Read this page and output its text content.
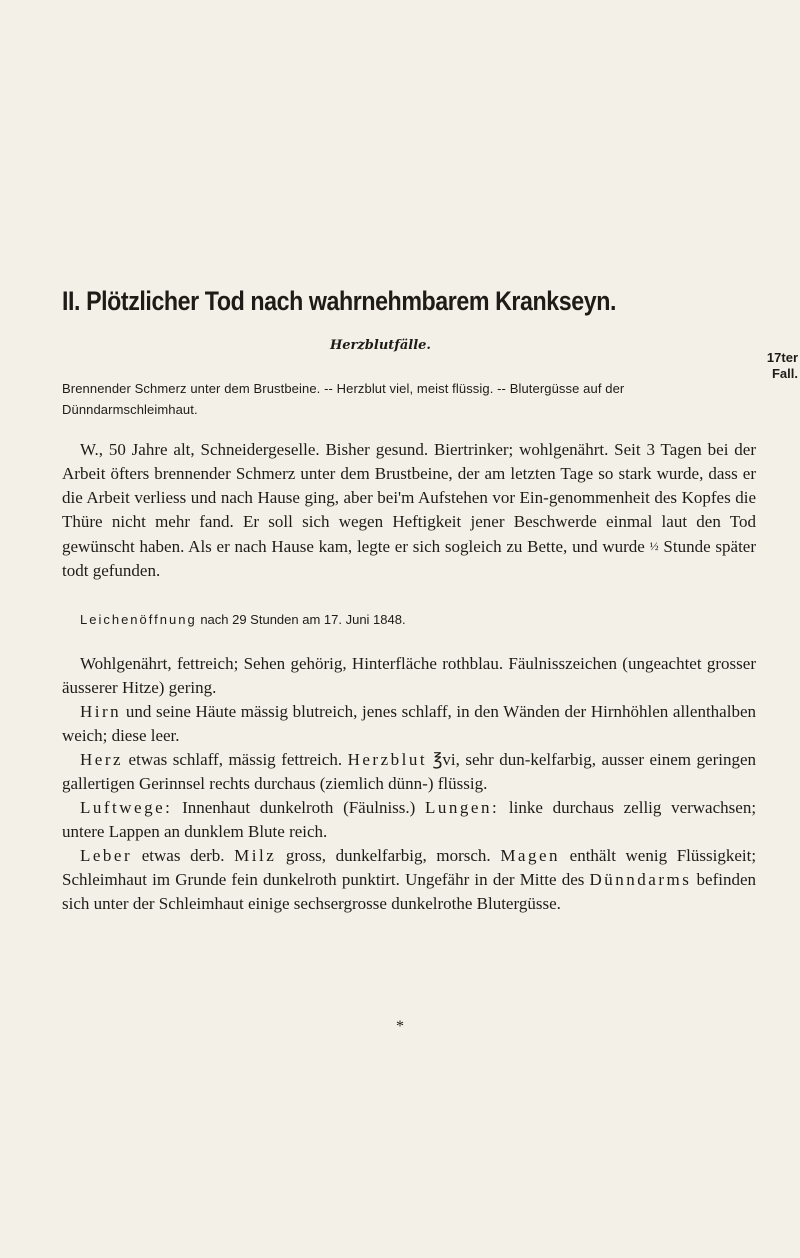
II. Plötzlicher Tod nach wahrnehmbarem Krankseyn.
Herzblutfälle.
17ter
Fall.
Brennender Schmerz unter dem Brustbeine. -- Herzblut viel, meist flüssig. -- Blutergüsse auf der Dünndarmschleimhaut.
W., 50 Jahre alt, Schneidergeselle. Bisher gesund. Biertrinker; wohlgenährt. Seit 3 Tagen bei der Arbeit öfters brennender Schmerz unter dem Brustbeine, der am letzten Tage so stark wurde, dass er die Arbeit verliess und nach Hause ging, aber bei'm Aufstehen vor Ein-genommenheit des Kopfes die Thüre nicht mehr fand. Er soll sich wegen Heftigkeit jener Beschwerde einmal laut den Tod gewünscht haben. Als er nach Hause kam, legte er sich sogleich zu Bette, und wurde ½ Stunde später todt gefunden.
Leichenöffnung nach 29 Stunden am 17. Juni 1848.

Wohlgenährt, fettreich; Sehen gehörig, Hinterfläche rothblau. Fäulnisszeichen (ungeachtet grosser äusserer Hitze) gering.

Hirn und seine Häute mässig blutreich, jenes schlaff, in den Wänden der Hirnhöhlen allenthalben weich; diese leer.

Herz etwas schlaff, mässig fettreich. Herzblut ℥vi, sehr dun-kelfarbig, ausser einem geringen gallertigen Gerinnsel rechts durchaus (ziemlich dünn-) flüssig.

Luftwege: Innenhaut dunkelroth (Fäulniss.) Lungen: linke durchaus zellig verwachsen; untere Lappen an dunklem Blute reich.

Leber etwas derb. Milz gross, dunkelfarbig, morsch. Magen enthält wenig Flüssigkeit; Schleimhaut im Grunde fein dunkelroth punktirt. Ungefähr in der Mitte des Dünndarms befinden sich unter der Schleimhaut einige sechsergrosse dunkelrothe Blutergüsse.

*
